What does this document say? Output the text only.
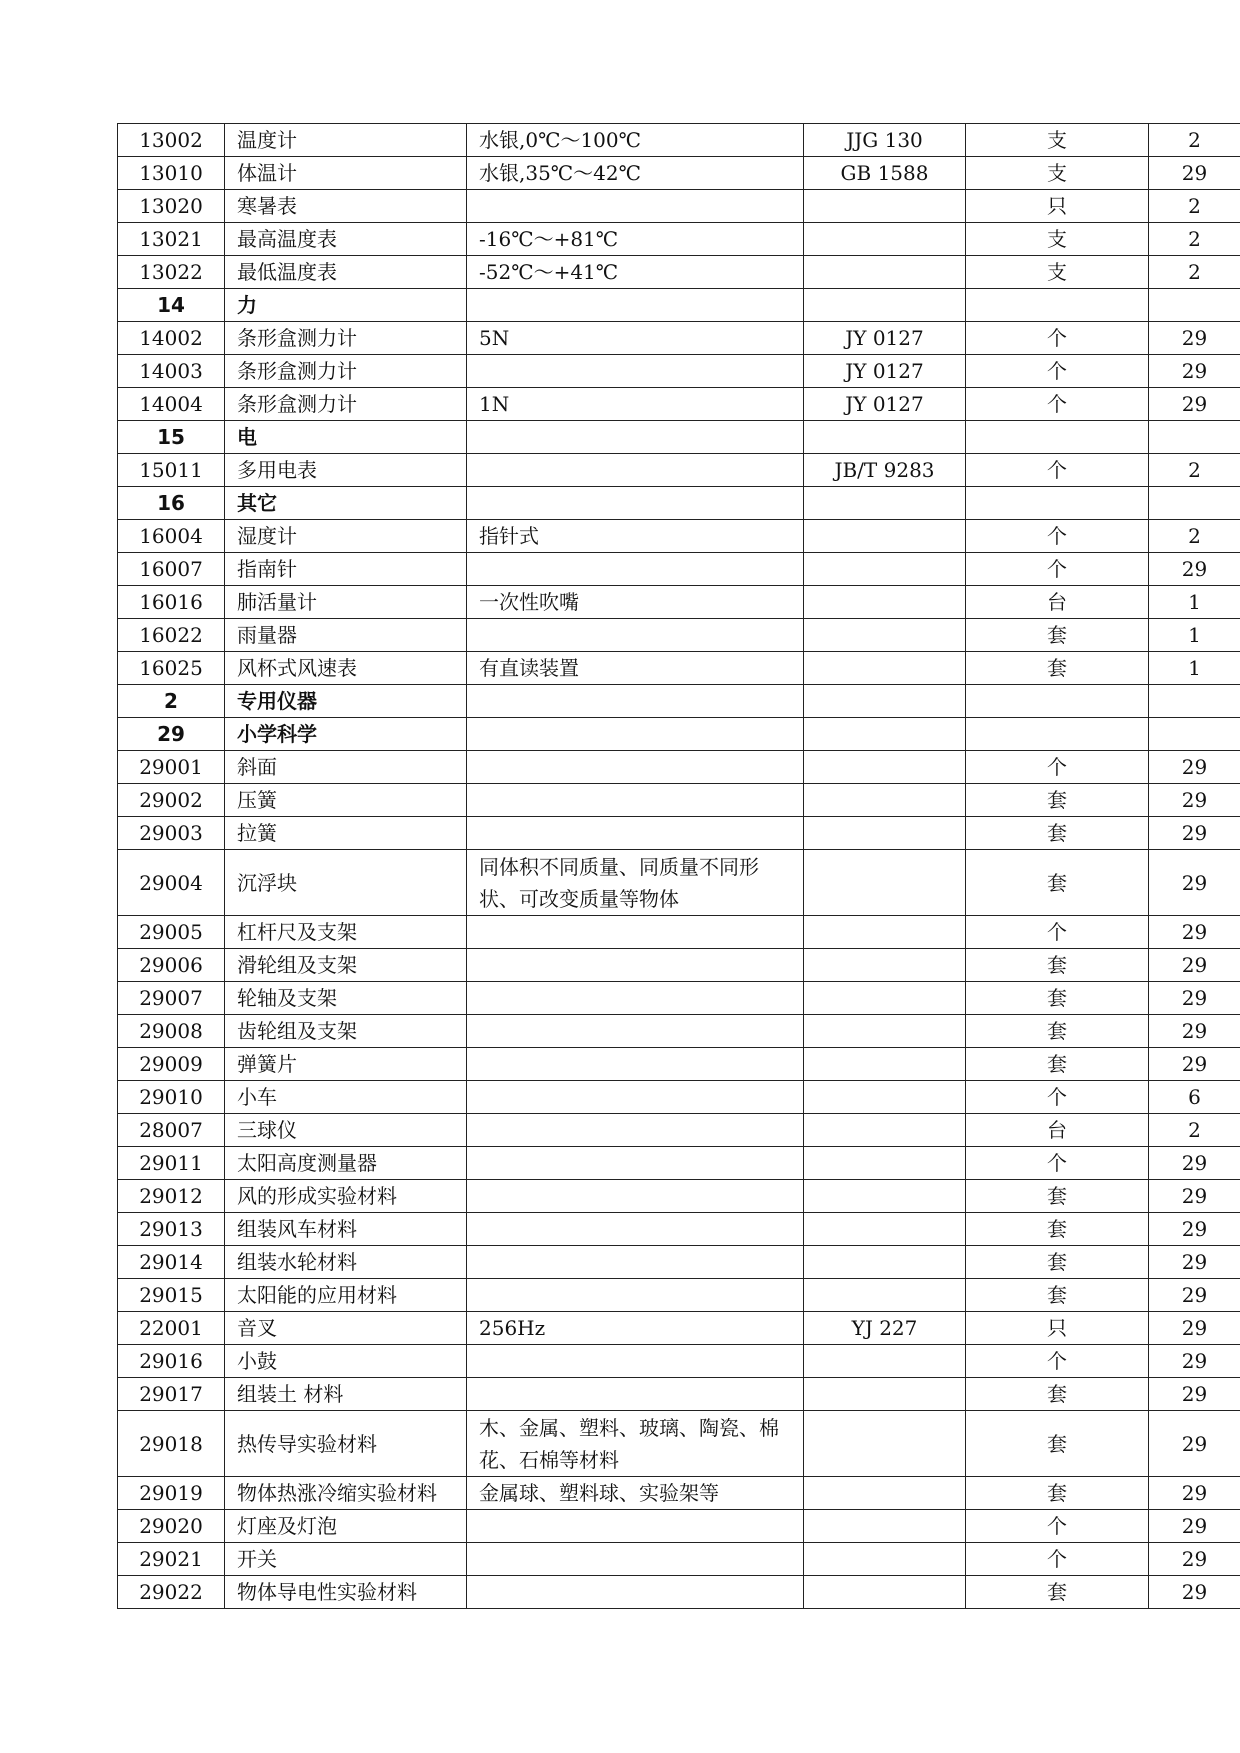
13002	温度计	水银,0℃～100℃	JJG 130	支	2
13010	体温计	水银,35℃～42℃	GB 1588	支	29
13020	寒暑表			只	2
13021	最高温度表	-16℃～+81℃		支	2
13022	最低温度表	-52℃～+41℃		支	2
14	力				
14002	条形盒测力计	5N	JY 0127	个	29
14003	条形盒测力计		JY 0127	个	29
14004	条形盒测力计	1N	JY 0127	个	29
15	电				
15011	多用电表		JB/T 9283	个	2
16	其它				
16004	湿度计	指针式		个	2
16007	指南针			个	29
16016	肺活量计	一次性吹嘴		台	1
16022	雨量器			套	1
16025	风杯式风速表	有直读装置		套	1
2	专用仪器				
29	小学科学				
29001	斜面			个	29
29002	压簧			套	29
29003	拉簧			套	29
29004	沉浮块	同体积不同质量、同质量不同形状、可改变质量等物体		套	29
29005	杠杆尺及支架			个	29
29006	滑轮组及支架			套	29
29007	轮轴及支架			套	29
29008	齿轮组及支架			套	29
29009	弹簧片			套	29
29010	小车			个	6
28007	三球仪			台	2
29011	太阳高度测量器			个	29
29012	风的形成实验材料			套	29
29013	组装风车材料			套	29
29014	组装水轮材料			套	29
29015	太阳能的应用材料			套	29
22001	音叉	256Hz	YJ 227	只	29
29016	小鼓			个	29
29017	组装土 材料			套	29
29018	热传导实验材料	木、金属、塑料、玻璃、陶瓷、棉花、石棉等材料		套	29
29019	物体热涨冷缩实验材料	金属球、塑料球、实验架等		套	29
29020	灯座及灯泡			个	29
29021	开关			个	29
29022	物体导电性实验材料			套	29
